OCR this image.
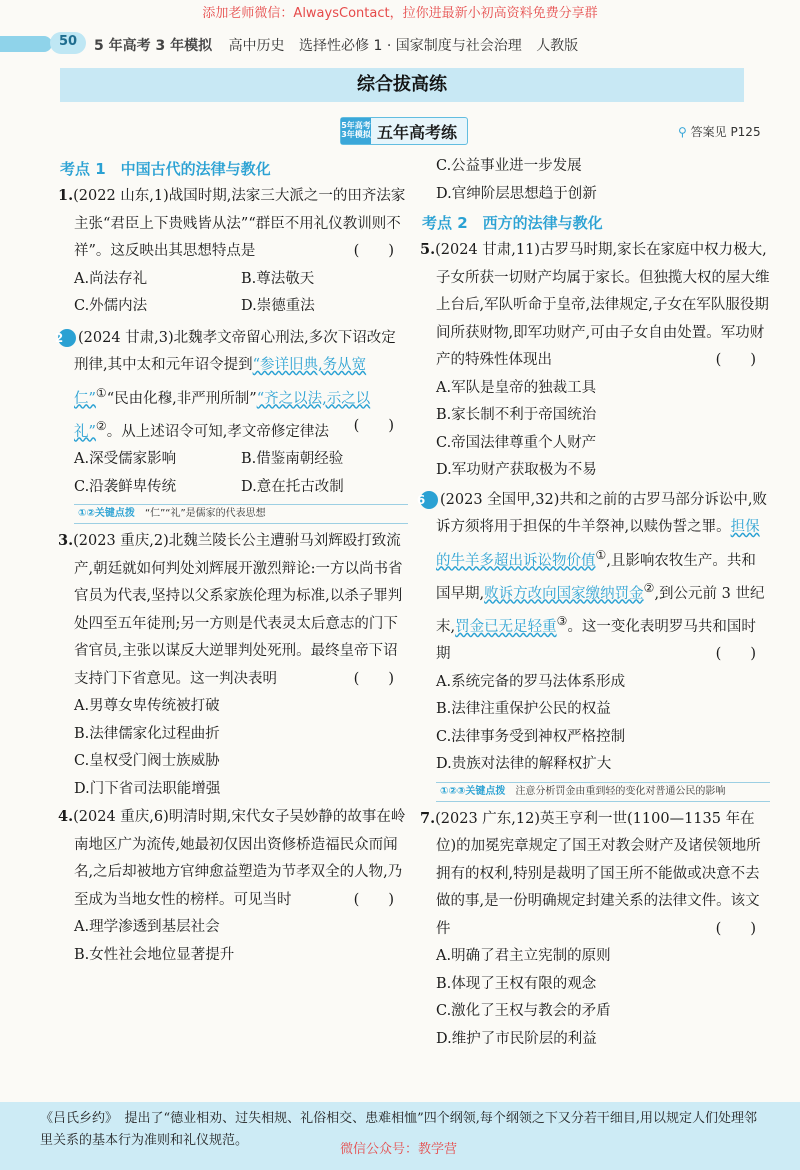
添加老师微信：AlwaysContact，拉你进最新小初高资料免费分享群
50	5 年高考 3 年模拟 高中历史 选择性必修 1 · 国家制度与社会治理 人教版
综合拔高练
5年高考3年模拟 五年高考练	⚲ 答案见 P125
考点 1　中国古代的法律与教化

1.(2022 山东,1)战国时期,法家三大派之一的田齐法家主张“君臣上下贵贱皆从法”“群臣不用礼仪教训则不祥”。这反映出其思想特点是	(　　)

A.尚法存礼	B.尊法敬天
C.外儒内法	D.崇德重法

2 (2024 甘肃,3)北魏孝文帝留心刑法,多次下诏改定刑律,其中太和元年诏令提到“参详旧典,务从宽仁”①“民由化穆,非严刑所制”“齐之以法,示之以礼”②。从上述诏令可知,孝文帝修定律法 (　　)

A.深受儒家影响	B.借鉴南朝经验
C.沿袭鲜卑传统	D.意在托古改制
①②关键点拨　 “仁”“礼”是儒家的代表思想

3.(2023 重庆,2)北魏兰陵长公主遭驸马刘辉殴打致流产,朝廷就如何判处刘辉展开激烈辩论:一方以尚书省官员为代表,坚持以父系家族伦理为标准,以杀子罪判处四至五年徒刑;另一方则是代表灵太后意志的门下省官员,主张以谋反大逆罪判处死刑。最终皇帝下诏支持门下省意见。这一判决表明	(　　)

A.男尊女卑传统被打破
B.法律儒家化过程曲折
C.皇权受门阀士族威胁
D.门下省司法职能增强

4.(2024 重庆,6)明清时期,宋代女子吴妙静的故事在岭南地区广为流传,她最初仅因出资修桥造福民众而闻名,之后却被地方官绅愈益塑造为节孝双全的人物,乃至成为当地女性的榜样。可见当时	(　　)

A.理学渗透到基层社会
B.女性社会地位显著提升
C.公益事业进一步发展
D.官绅阶层思想趋于创新
考点 2　西方的法律与教化

5.(2024 甘肃,11)古罗马时期,家长在家庭中权力极大,子女所获一切财产均属于家长。但独揽大权的屋大维上台后,军队听命于皇帝,法律规定,子女在军队服役期间所获财物,即军功财产,可由子女自由处置。军功财产的特殊性体现出	(　　)

A.军队是皇帝的独裁工具
B.家长制不利于帝国统治
C.帝国法律尊重个人财产
D.军功财产获取极为不易

6 (2023 全国甲,32)共和之前的古罗马部分诉讼中,败诉方须将用于担保的牛羊祭神,以赎伪誓之罪。担保的牛羊多超出诉讼物价值①,且影响农牧生产。共和国早期,败诉方改向国家缴纳罚金②,到公元前 3 世纪末,罚金已无足轻重③。这一变化表明罗马共和国时期	(　　)

A.系统完备的罗马法体系形成
B.法律注重保护公民的权益
C.法律事务受到神权严格控制
D.贵族对法律的解释权扩大
①②③关键点拨　 注意分析罚金由重到轻的变化对普通公民的影响

7.(2023 广东,12)英王亨利一世(1100—1135 年在位)的加冕宪章规定了国王对教会财产及诸侯领地所拥有的权利,特别是裁明了国王所不能做或决意不去做的事,是一份明确规定封建关系的法律文件。该文件	(　　)

A.明确了君主立宪制的原则
B.体现了王权有限的观念
C.激化了王权与教会的矛盾
D.维护了市民阶层的利益
《吕氏乡约》　提出了“德业相劝、过失相规、礼俗相交、患难相恤”四个纲领,每个纲领之下又分若干细目,用以规定人们处理邻里关系的基本行为准则和礼仪规范。
微信公众号：教学营
